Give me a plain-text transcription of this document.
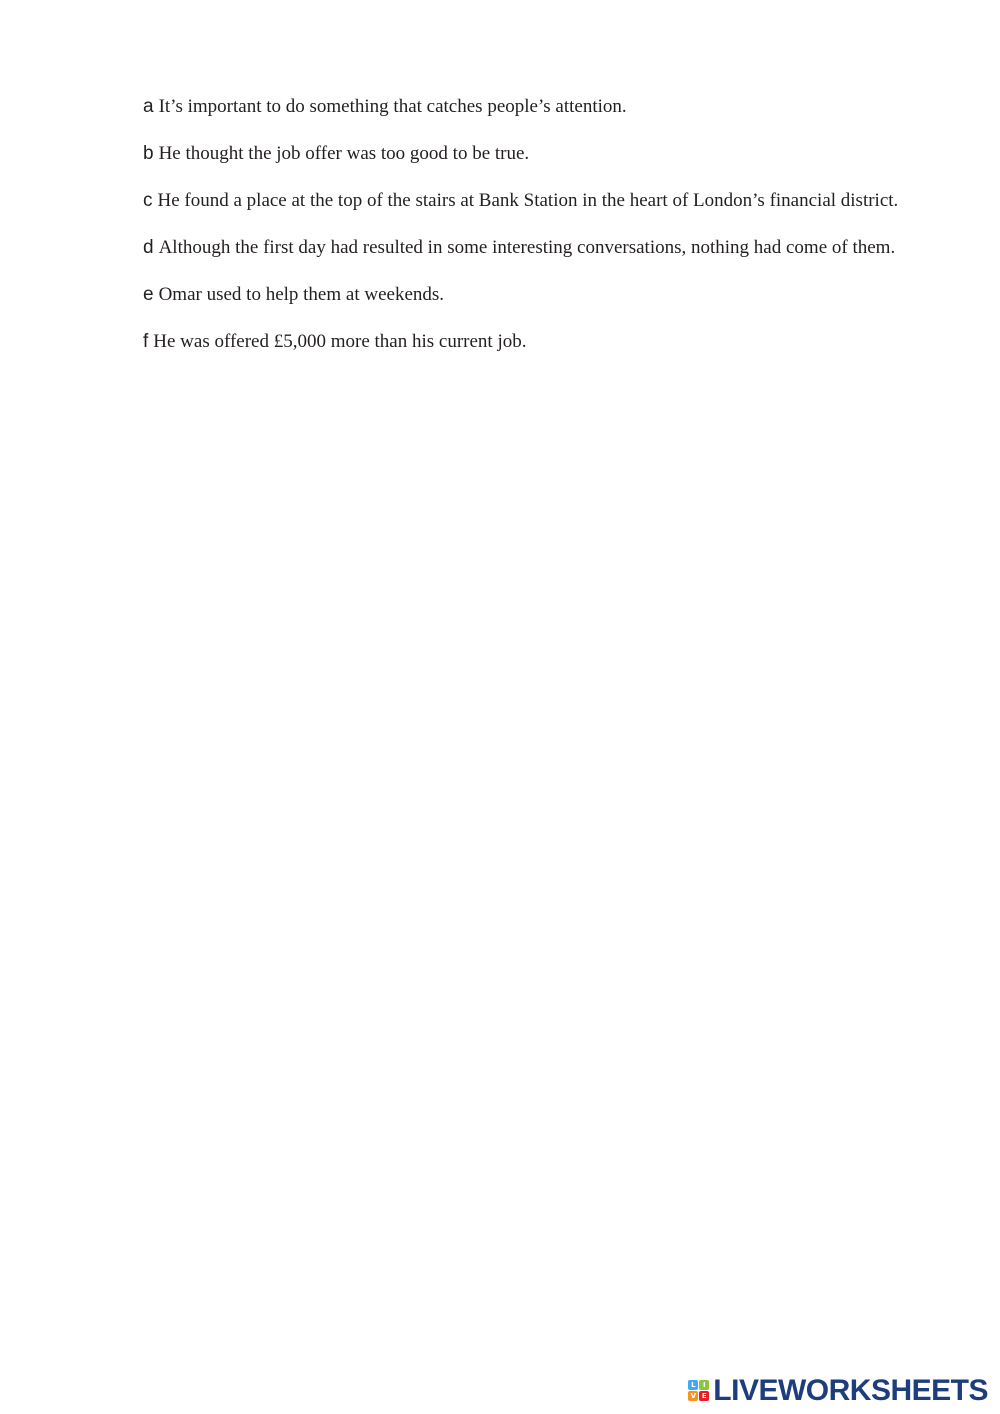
a It’s important to do something that catches people’s attention.
b He thought the job offer was too good to be true.
c He found a place at the top of the stairs at Bank Station in the heart of London’s financial district.
d Although the first day had resulted in some interesting conversations, nothing had come of them.
e Omar used to help them at weekends.
f He was offered £5,000 more than his current job.
L	I
V E LIVEWORKSHEETS
